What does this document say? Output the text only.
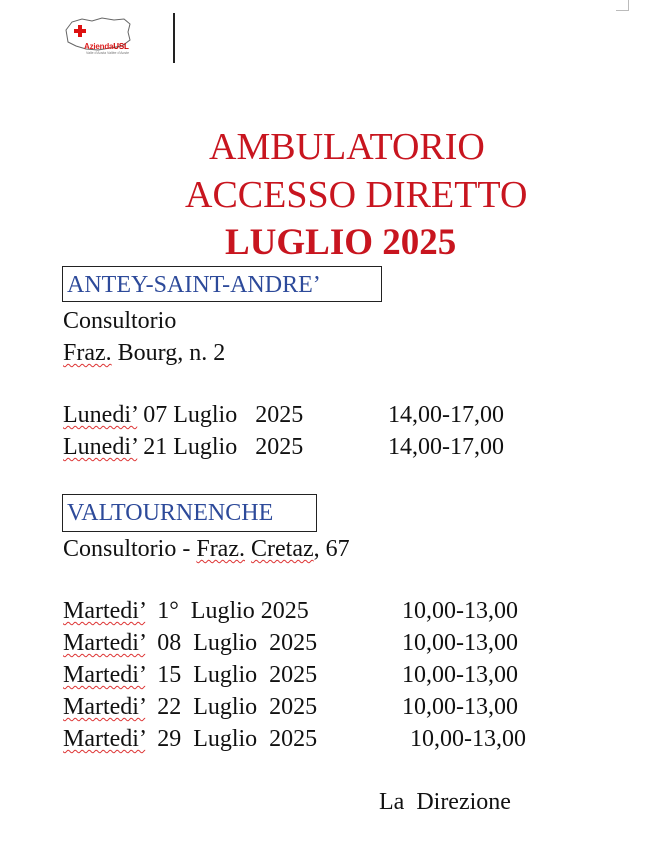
AziendaUSL
Valle d'Aosta Vallée d'Aoste
AMBULATORIO
ACCESSO DIRETTO
LUGLIO 2025
ANTEY-SAINT-ANDRE’
Consultorio
Fraz. Bourg, n. 2
Lunedi’ 07 Luglio   2025	14,00-17,00
Lunedi’ 21 Luglio   2025	14,00-17,00
VALTOURNENCHE
Consultorio - Fraz. Cretaz, 67
Martedi’  1°  Luglio 2025	10,00-13,00
Martedi’  08  Luglio  2025	10,00-13,00
Martedi’  15  Luglio  2025	10,00-13,00
Martedi’  22  Luglio  2025	10,00-13,00
Martedi’  29  Luglio  2025	10,00-13,00
La  Direzione
